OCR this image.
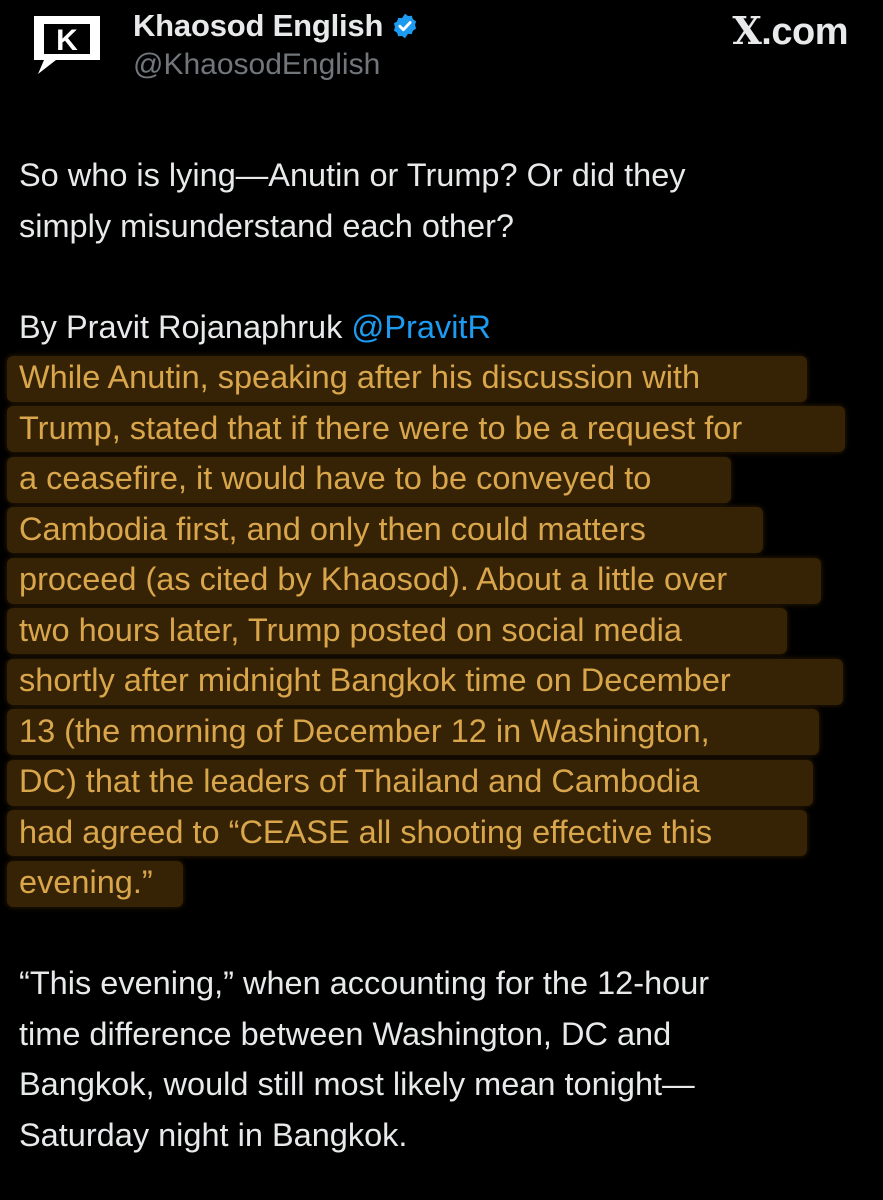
K Khaosod English
@KhaosodEnglish
X.com

So who is lying—Anutin or Trump? Or did they

simply misunderstand each other?

By Pravit Rojanaphruk @PravitR

While Anutin, speaking after his discussion with
Trump, stated that if there were to be a request for
a ceasefire, it would have to be conveyed to
Cambodia first, and only then could matters
proceed (as cited by Khaosod). About a little over
two hours later, Trump posted on social media
shortly after midnight Bangkok time on December
13 (the morning of December 12 in Washington,
DC) that the leaders of Thailand and Cambodia
had agreed to “CEASE all shooting effective this
evening.”

“This evening,” when accounting for the 12-hour

time difference between Washington, DC and

Bangkok, would still most likely mean tonight—

Saturday night in Bangkok.
